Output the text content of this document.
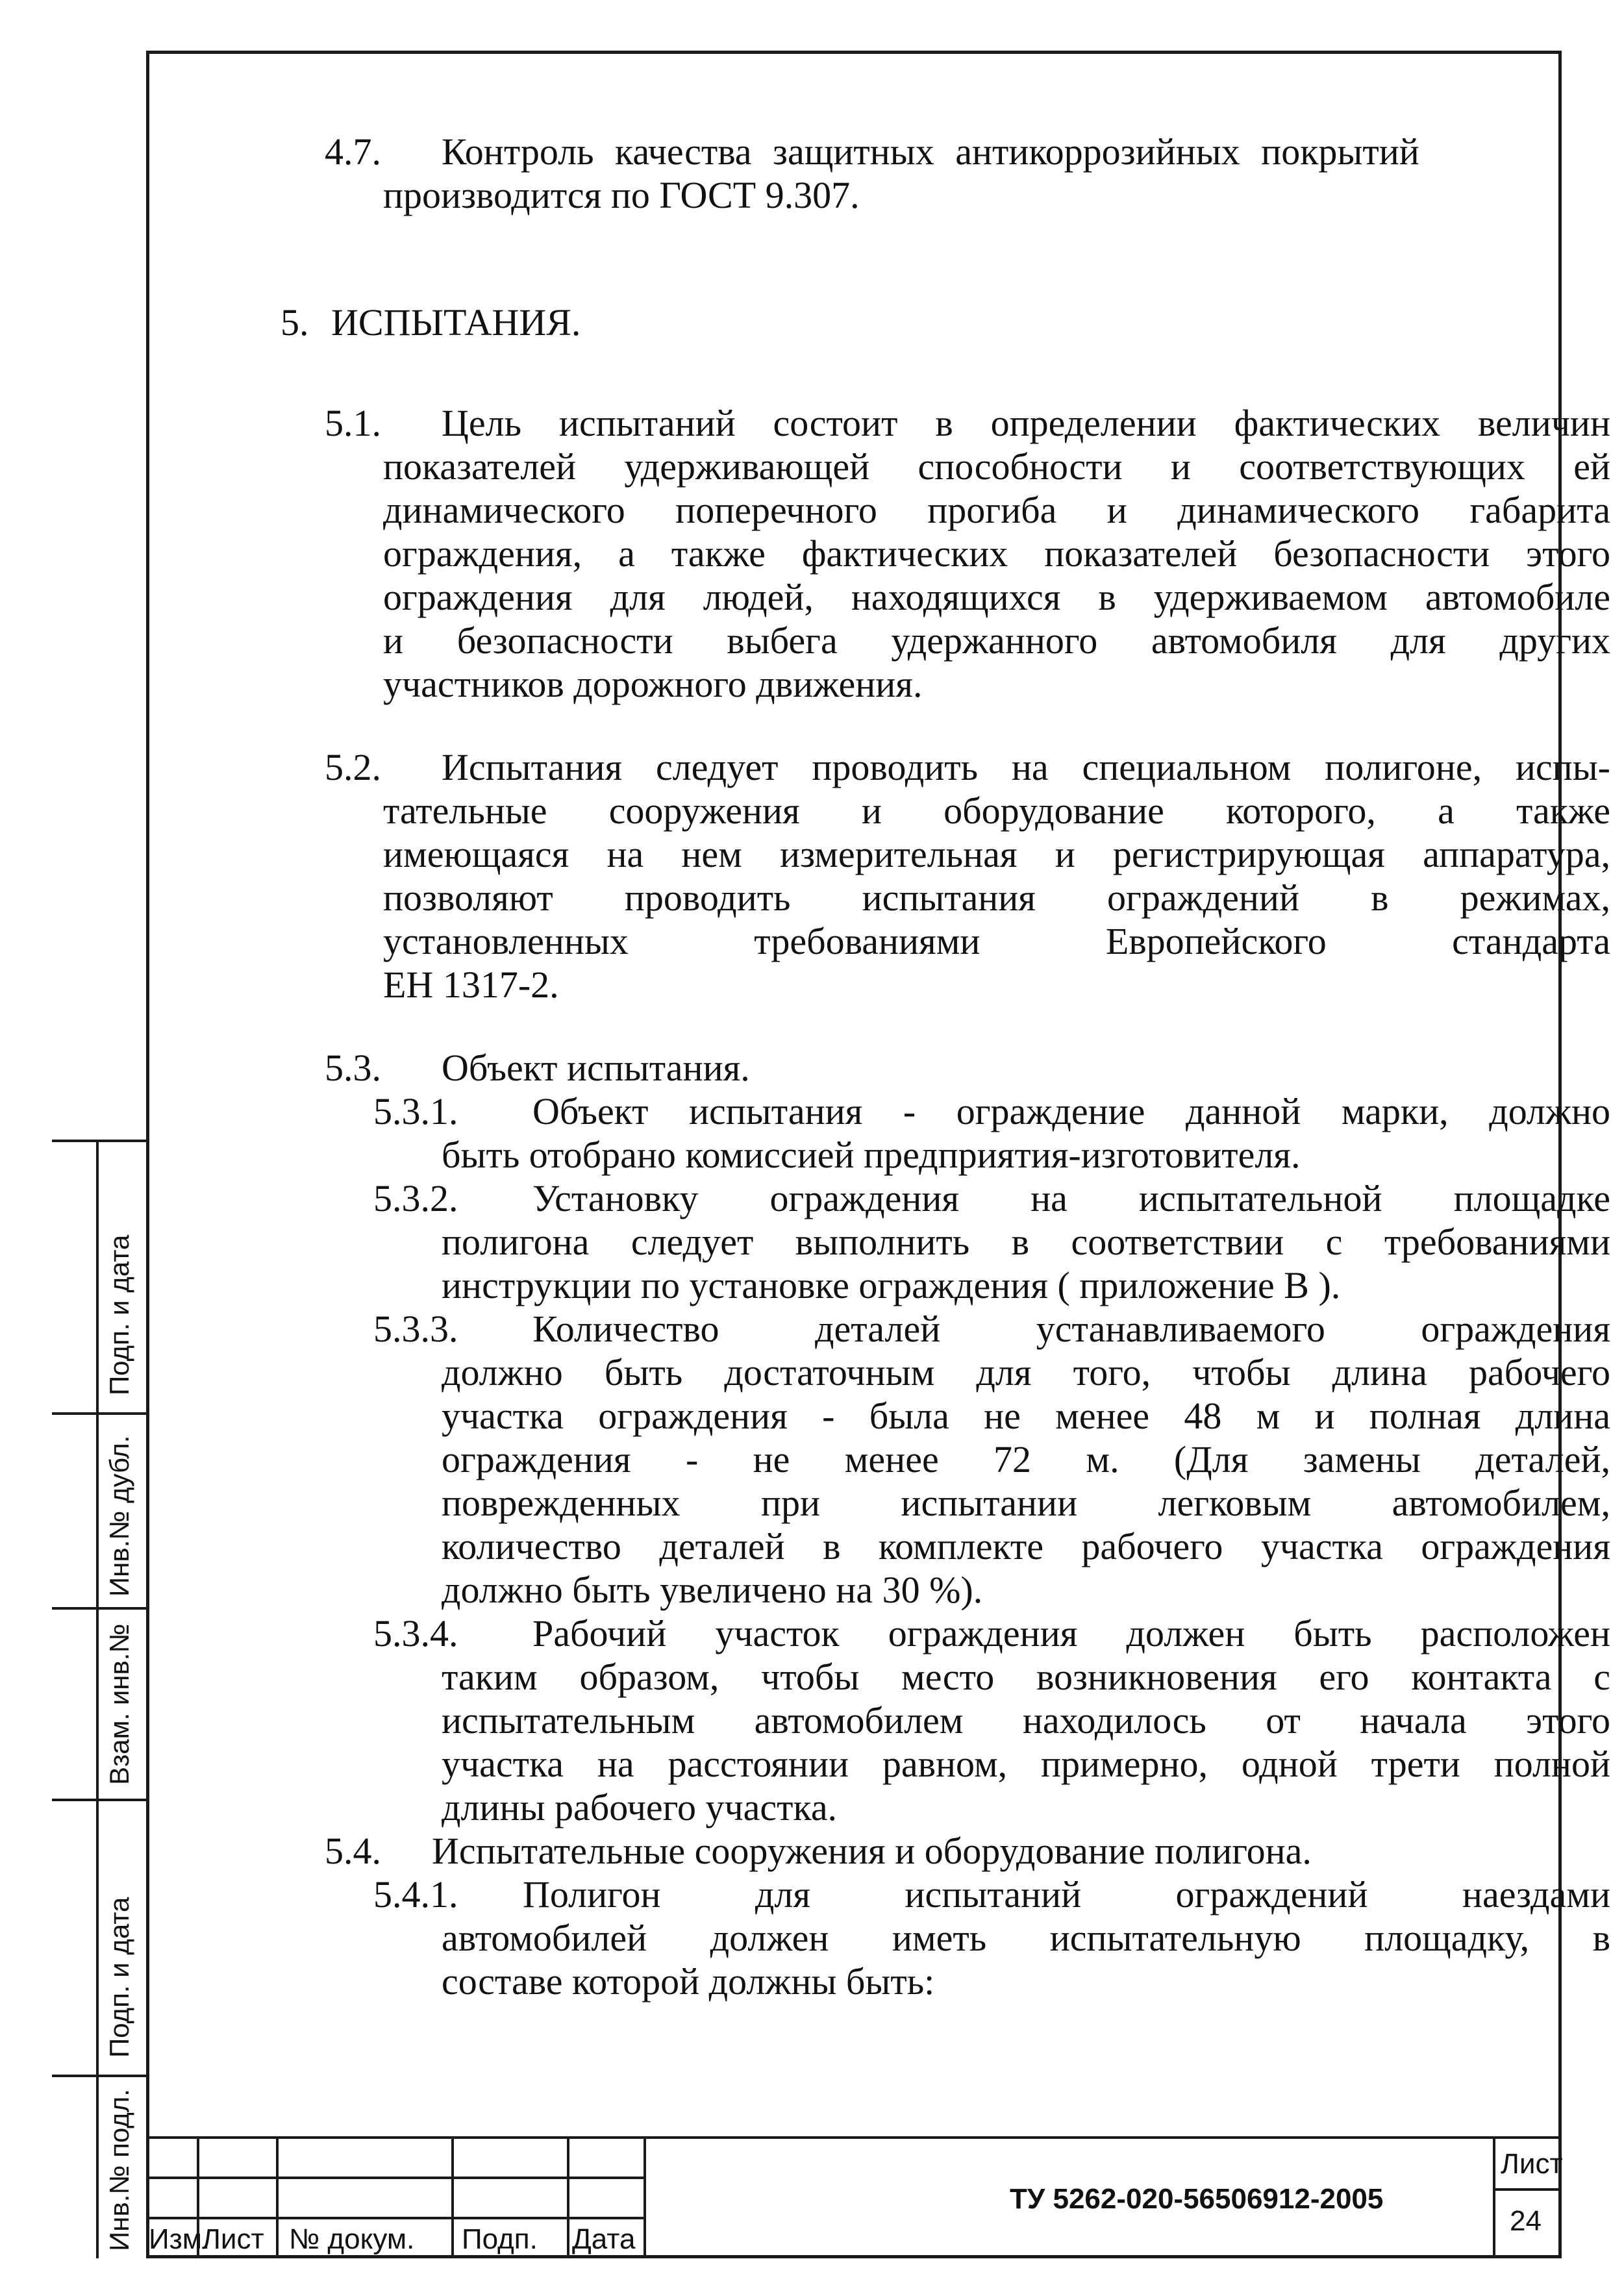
4.7. Контроль качества защитных антикоррозийных покрытий
производится по ГОСТ 9.307.
5. ИСПЫТАНИЯ.
5.1. Цель испытаний состоит в определении фактических величин
показателей удерживающей способности и соответствующих ей
динамического поперечного прогиба и динамического габарита
ограждения, а также фактических показателей безопасности этого
ограждения для людей, находящихся в удерживаемом автомобиле
и безопасности выбега удержанного автомобиля для других
участников дорожного движения.
5.2. Испытания следует проводить на специальном полигоне, испы-
тательные сооружения и оборудование которого, а также
имеющаяся на нем измерительная и регистрирующая аппаратура,
позволяют проводить испытания ограждений в режимах,
установленных требованиями Европейского стандарта
ЕН 1317-2.
5.3. Объект испытания.
5.3.1. Объект испытания - ограждение данной марки, должно
быть отобрано комиссией предприятия-изготовителя.
5.3.2. Установку ограждения на испытательной площадке
полигона следует выполнить в соответствии с требованиями
инструкции по установке ограждения ( приложение В ).
5.3.3. Количество деталей устанавливаемого ограждения
должно быть достаточным для того, чтобы длина рабочего
участка ограждения - была не менее 48 м и полная длина
ограждения - не менее 72 м. (Для замены деталей,
поврежденных при испытании легковым автомобилем,
количество деталей в комплекте рабочего участка ограждения
должно быть увеличено на 30 %).
5.3.4. Рабочий участок ограждения должен быть расположен
таким образом, чтобы место возникновения его контакта с
испытательным автомобилем находилось от начала этого
участка на расстоянии равном, примерно, одной трети полной
длины рабочего участка.
5.4. Испытательные сооружения и оборудование полигона.
5.4.1. Полигон для испытаний ограждений наездами
автомобилей должен иметь испытательную площадку, в
составе которой должны быть:
Подп. и дата
Инв.№ дубл.
Взам. инв.№
Подп. и дата
Инв.№ подл. Изм.
Лист № докум. Подп. Дата
ТУ 5262-020-56506912-2005
Лист
24
